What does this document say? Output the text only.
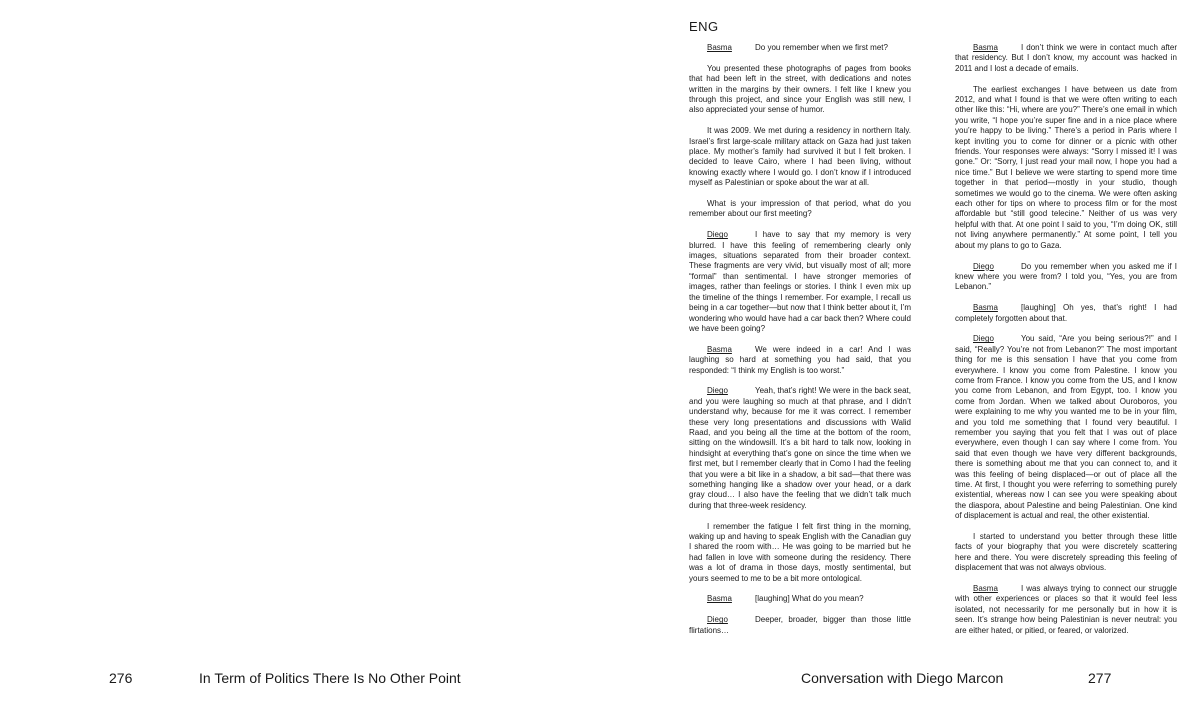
ENG

Basma	Do you remember when we first met?

You presented these photographs of pages from books that had been left in the street, with dedications and notes written in the margins by their owners. I felt like I knew you through this project, and since your English was still new, I also appreciated your sense of humor.

It was 2009. We met during a residency in northern Italy. Israel’s first large-scale military attack on Gaza had just taken place. My mother’s family had survived it but I felt broken. I decided to leave Cairo, where I had been living, without knowing exactly where I would go. I don’t know if I introduced myself as Palestinian or spoke about the war at all.

What is your impression of that period, what do you remember about our first meeting?

Diego	I have to say that my memory is very blurred. I have this feeling of remembering clearly only images, situations separated from their broader context. These fragments are very vivid, but visually most of all; more “formal” than sentimental. I have stronger memories of images, rather than feelings or stories. I think I even mix up the timeline of the things I remember. For example, I recall us being in a car together—but now that I think better about it, I’m wondering who would have had a car back then? Where could we have been going?

Basma	We were indeed in a car! And I was laughing so hard at something you had said, that you responded: “I think my English is too worst.”

Diego	Yeah, that’s right! We were in the back seat, and you were laughing so much at that phrase, and I didn’t understand why, because for me it was correct. I remember these very long presentations and discussions with Walid Raad, and you being all the time at the bottom of the room, sitting on the windowsill. It’s a bit hard to talk now, looking in hindsight at everything that’s gone on since the time when we first met, but I remember clearly that in Como I had the feeling that you were a bit like in a shadow, a bit sad—that there was something hanging like a shadow over your head, or a dark gray cloud… I also have the feeling that we didn’t talk much during that three-week residency.

I remember the fatigue I felt first thing in the morning, waking up and having to speak English with the Canadian guy I shared the room with… He was going to be married but he had fallen in love with someone during the residency. There was a lot of drama in those days, mostly sentimental, but yours seemed to me to be a bit more ontological.

Basma	[laughing] What do you mean?

Diego	Deeper, broader, bigger than those little flirtations…

Basma	I don’t think we were in contact much after that residency. But I don’t know, my account was hacked in 2011 and I lost a decade of emails.

The earliest exchanges I have between us date from 2012, and what I found is that we were often writing to each other like this: “Hi, where are you?” There’s one email in which you write, “I hope you’re super fine and in a nice place where you’re happy to be living.” There’s a period in Paris where I kept inviting you to come for dinner or a picnic with other friends. Your responses were always: “Sorry I missed it! I was gone.” Or: “Sorry, I just read your mail now, I hope you had a nice time.” But I believe we were starting to spend more time together in that period—mostly in your studio, though sometimes we would go to the cinema. We were often asking each other for tips on where to process film or for the most affordable but “still good telecine.” Neither of us was very helpful with that. At one point I said to you, “I’m doing OK, still not living anywhere permanently.” At some point, I tell you about my plans to go to Gaza.

Diego	Do you remember when you asked me if I knew where you were from? I told you, “Yes, you are from Lebanon.”

Basma	[laughing] Oh yes, that’s right! I had completely forgotten about that.

Diego	You said, “Are you being serious?!” and I said, “Really? You’re not from Lebanon?” The most important thing for me is this sensation I have that you come from everywhere. I know you come from Palestine. I know you come from France. I know you come from the US, and I know you come from Lebanon, and from Egypt, too. I know you come from Jordan. When we talked about Ouroboros, you were explaining to me why you wanted me to be in your film, and you told me something that I found very beautiful. I remember you saying that you felt that I was out of place everywhere, even though I can say where I come from. You said that even though we have very different backgrounds, there is something about me that you can connect to, and it was this feeling of being displaced—or out of place all the time. At first, I thought you were referring to something purely existential, whereas now I can see you were speaking about the diaspora, about Palestine and being Palestinian. One kind of displacement is actual and real, the other existential.

I started to understand you better through these little facts of your biography that you were discretely scattering here and there. You were discretely spreading this feeling of displacement that was not always obvious.

Basma	I was always trying to connect our struggle with other experiences or places so that it would feel less isolated, not necessarily for me personally but in how it is seen. It’s strange how being Palestinian is never neutral: you are either hated, or pitied, or feared, or valorized.

276	In Term of Politics There Is No Other Point	Conversation with Diego Marcon	277
